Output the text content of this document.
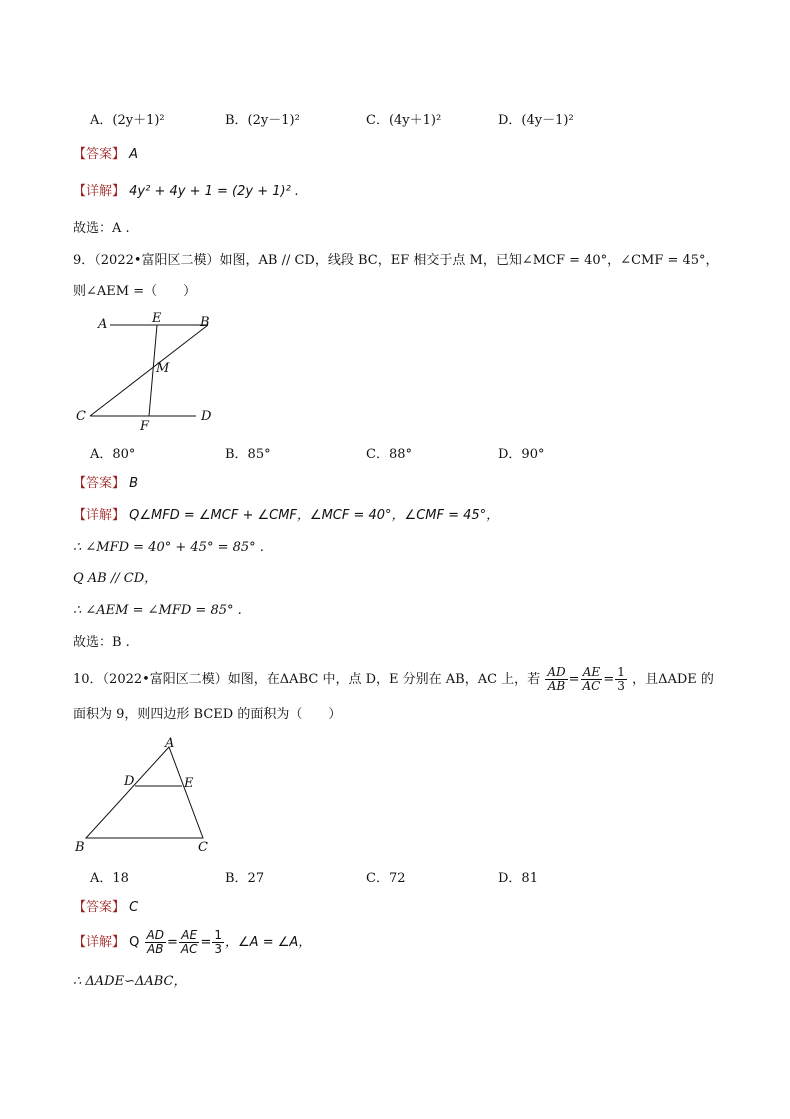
A．(2y＋1)²	B．(2y－1)²	C．(4y＋1)²	D．(4y－1)²
【答案】 A
【详解】 4y² + 4y + 1 = (2y + 1)² .
故选：A .
9．（2022•富阳区二模）如图，AB // CD，线段 BC，EF 相交于点 M，已知∠MCF = 40°，∠CMF = 45°，
则∠AEM =（　　）
A	E	B
M
C
F
D
A．80°	B．85°	C．88°	D．90°
【答案】 B
【详解】 Q∠MFD = ∠MCF + ∠CMF，∠MCF = 40°，∠CMF = 45°，
∴ ∠MFD = 40° + 45° = 85° .
Q AB // CD，
∴ ∠AEM = ∠MFD = 85° .
故选：B .
10．（2022•富阳区二模）如图，在ΔABC 中，点 D，E 分别在 AB，AC 上，若 $\frac{AD}{AB} = \frac{AE}{AC} = \frac{1}{3}$ ，且ΔADE 的
面积为 9，则四边形 BCED 的面积为（　　）
A
D	E
B	C
A．18	B．27	C．72	D．81
【答案】 C
【详解】 Q $\frac{AD}{AB} = \frac{AE}{AC} = \frac{1}{3}$ ，∠A = ∠A，
∴ ΔADE∽ΔABC，
